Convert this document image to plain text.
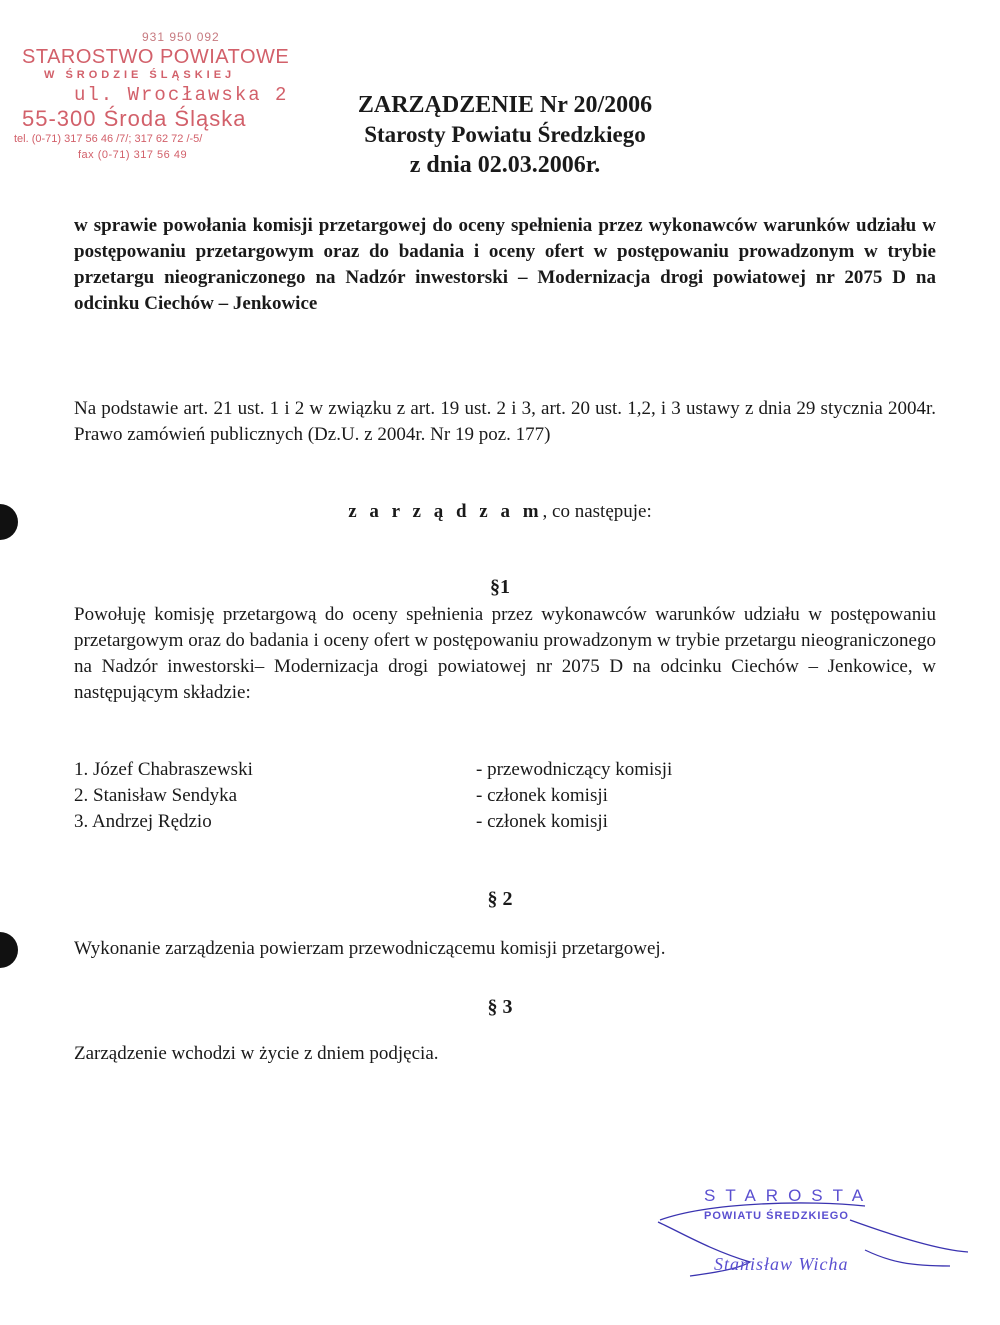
931 950 092
STAROSTWO POWIATOWE
W ŚRODZIE ŚLĄSKIEJ
ul. Wrocławska 2
55-300 Środa Śląska
tel. (0-71) 317 56 46 /7/; 317 62 72 /-5/
fax (0-71) 317 56 49
ZARZĄDZENIE Nr 20/2006
Starosty Powiatu Średzkiego
z dnia 02.03.2006r.
w sprawie powołania komisji przetargowej do oceny spełnienia przez wykonawców warunków udziału w postępowaniu przetargowym oraz do badania i oceny ofert w postępowaniu prowadzonym w trybie przetargu nieograniczonego na Nadzór inwestorski – Modernizacja drogi powiatowej nr 2075 D na odcinku Ciechów – Jenkowice
Na podstawie art. 21 ust. 1 i 2 w związku z art. 19 ust. 2 i 3, art. 20 ust. 1,2, i 3 ustawy z dnia 29 stycznia 2004r. Prawo zamówień publicznych (Dz.U. z 2004r. Nr 19 poz. 177)
z a r z ą d z a m, co następuje:
§1
Powołuję komisję przetargową do oceny spełnienia przez wykonawców warunków udziału w postępowaniu przetargowym oraz do badania i oceny ofert w postępowaniu prowadzonym w trybie przetargu nieograniczonego na Nadzór inwestorski– Modernizacja drogi powiatowej nr 2075 D na odcinku Ciechów – Jenkowice, w następującym składzie:
1. Józef Chabraszewski	- przewodniczący komisji
2. Stanisław Sendyka	- członek komisji
3. Andrzej Rędzio	- członek komisji
§ 2
Wykonanie zarządzenia powierzam przewodniczącemu komisji przetargowej.
§ 3
Zarządzenie wchodzi w życie z dniem podjęcia.
STAROSTA
POWIATU ŚREDZKIEGO
Stanisław Wicha
